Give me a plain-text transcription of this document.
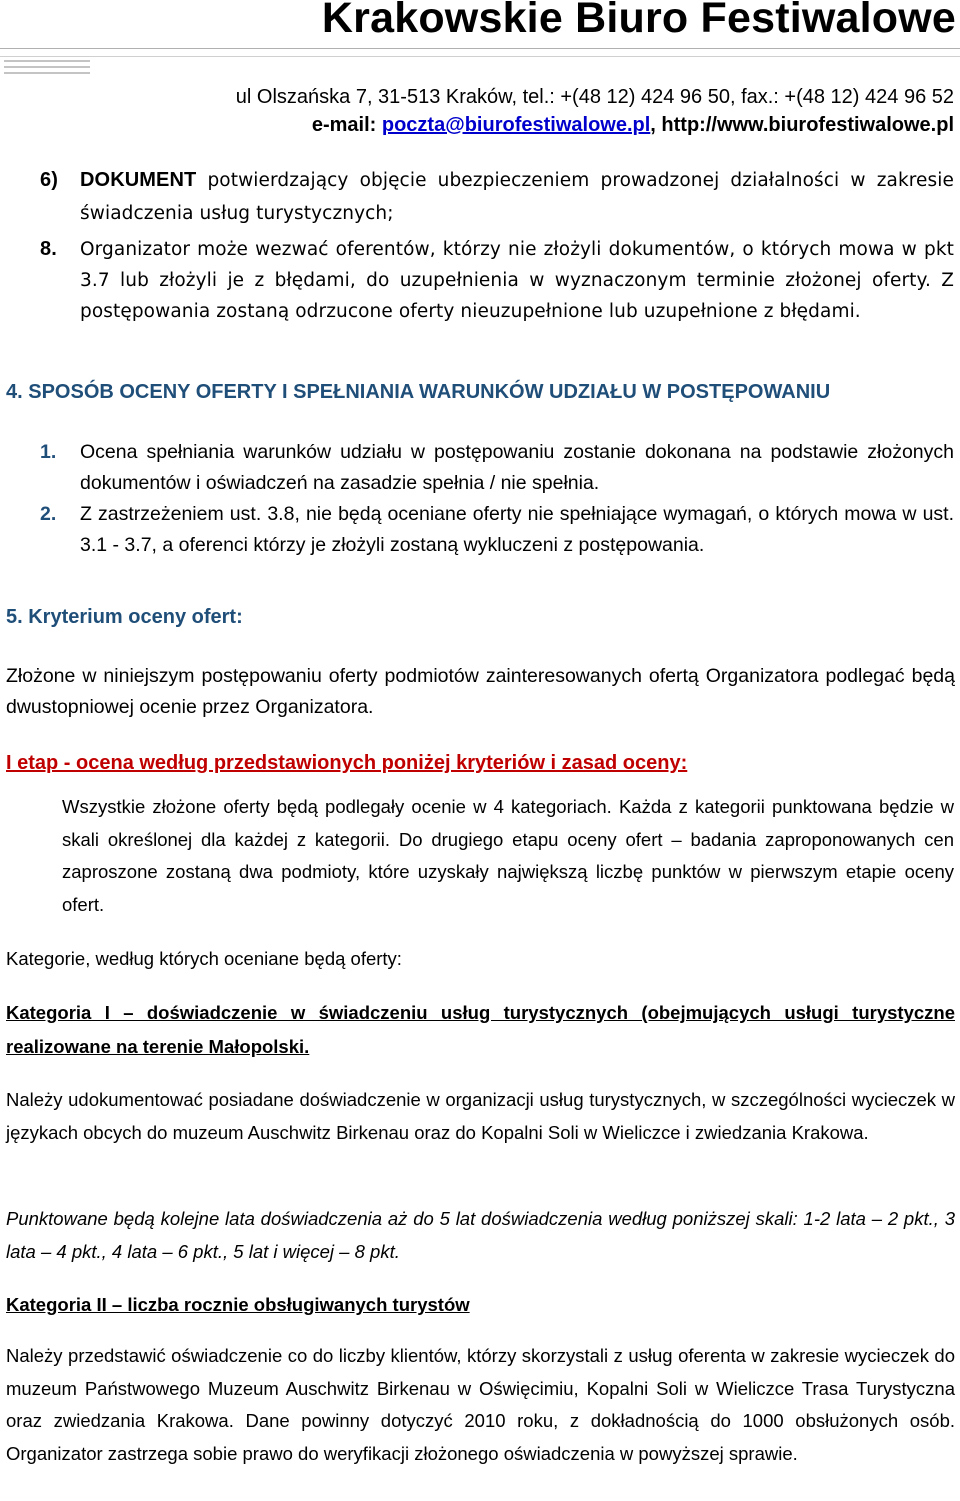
Krakowskie Biuro Festiwalowe
ul Olszańska 7, 31-513 Kraków, tel.: +(48 12) 424 96 50, fax.: +(48 12) 424 96 52
e-mail: poczta@biurofestiwalowe.pl, http://www.biurofestiwalowe.pl
6)	DOKUMENT potwierdzający objęcie ubezpieczeniem prowadzonej działalności w zakresie świadczenia usług turystycznych;
8.	Organizator może wezwać oferentów, którzy nie złożyli dokumentów, o których mowa w pkt 3.7 lub złożyli je z błędami, do uzupełnienia w wyznaczonym terminie złożonej oferty. Z postępowania zostaną odrzucone oferty nieuzupełnione lub uzupełnione z błędami.
4. SPOSÓB OCENY OFERTY I SPEŁNIANIA WARUNKÓW UDZIAŁU W POSTĘPOWANIU
1.	Ocena spełniania warunków udziału w postępowaniu zostanie dokonana na podstawie złożonych dokumentów i oświadczeń na zasadzie spełnia / nie spełnia.
2.	Z zastrzeżeniem ust. 3.8, nie będą oceniane oferty nie spełniające wymagań, o których mowa w ust. 3.1 - 3.7, a oferenci którzy je złożyli zostaną wykluczeni z postępowania.
5. Kryterium oceny ofert:
Złożone w niniejszym postępowaniu oferty podmiotów zainteresowanych ofertą Organizatora podlegać będą dwustopniowej ocenie przez Organizatora.
I etap - ocena według przedstawionych poniżej kryteriów i zasad oceny:
Wszystkie złożone oferty będą podlegały ocenie w 4 kategoriach. Każda z kategorii punktowana będzie w skali określonej dla każdej z kategorii. Do drugiego etapu oceny ofert – badania zaproponowanych cen zaproszone zostaną dwa podmioty, które uzyskały największą liczbę punktów w pierwszym etapie oceny ofert.
Kategorie, według których oceniane będą oferty:
Kategoria I – doświadczenie w świadczeniu usług turystycznych (obejmujących usługi turystyczne realizowane na terenie Małopolski.
Należy udokumentować posiadane doświadczenie w organizacji usług turystycznych, w szczególności wycieczek w językach obcych do muzeum Auschwitz Birkenau oraz do Kopalni Soli w Wieliczce i zwiedzania Krakowa.
Punktowane będą kolejne lata doświadczenia aż do 5 lat doświadczenia według poniższej skali: 1-2 lata – 2 pkt., 3 lata – 4 pkt., 4 lata – 6 pkt., 5 lat i więcej – 8 pkt.
Kategoria II – liczba rocznie obsługiwanych turystów
Należy przedstawić oświadczenie co do liczby klientów, którzy skorzystali z usług oferenta w zakresie wycieczek do muzeum Państwowego Muzeum Auschwitz Birkenau w Oświęcimiu, Kopalni Soli w Wieliczce Trasa Turystyczna oraz zwiedzania Krakowa. Dane powinny dotyczyć 2010 roku, z dokładnością do 1000 obsłużonych osób. Organizator zastrzega sobie prawo do weryfikacji złożonego oświadczenia w powyższej sprawie.
